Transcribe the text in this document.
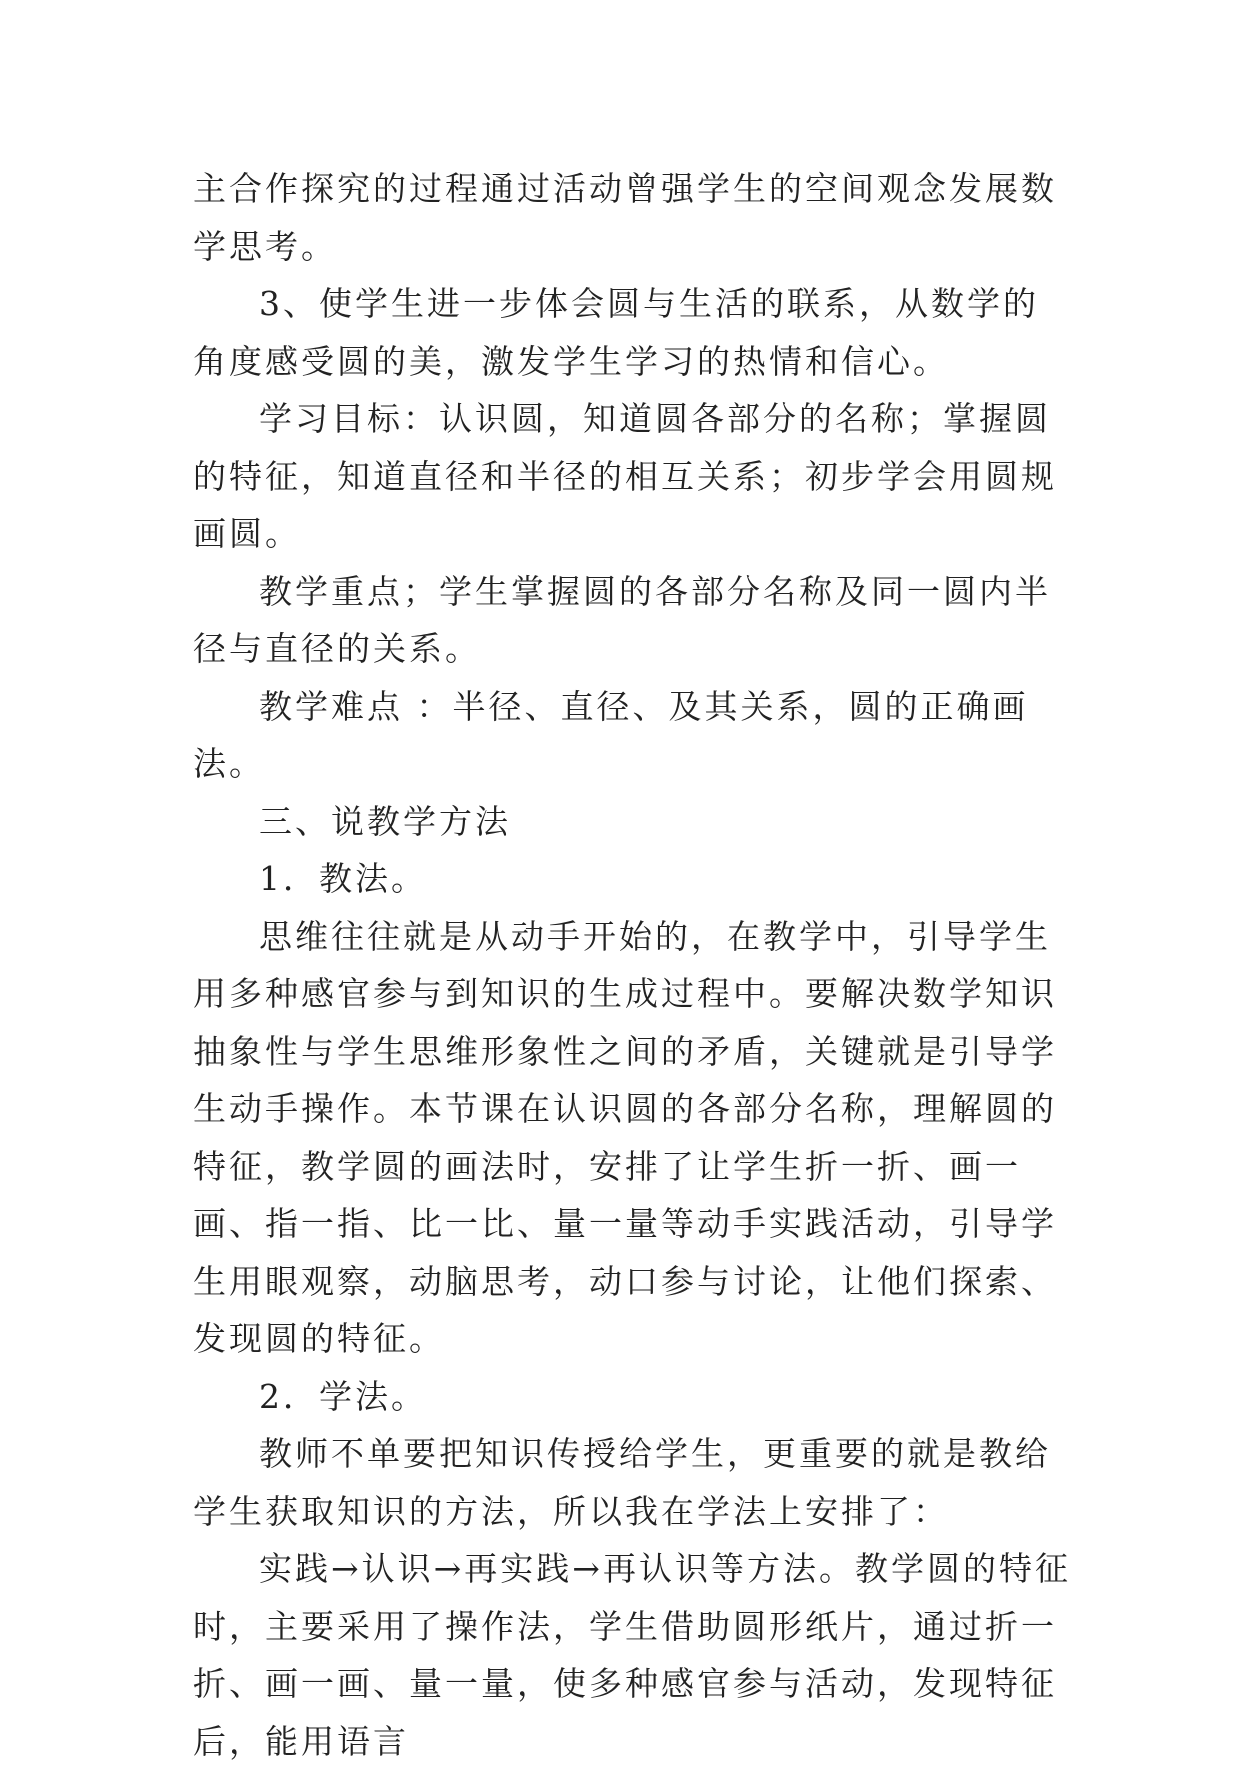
主合作探究的过程通过活动曾强学生的空间观念发展数学思考。

3、使学生进一步体会圆与生活的联系，从数学的角度感受圆的美，激发学生学习的热情和信心。

学习目标：认识圆，知道圆各部分的名称；掌握圆的特征，知道直径和半径的相互关系；初步学会用圆规画圆。

教学重点；学生掌握圆的各部分名称及同一圆内半径与直径的关系。

教学难点 ：半径、直径、及其关系，圆的正确画法。

三、说教学方法

1．教法。

思维往往就是从动手开始的，在教学中，引导学生用多种感官参与到知识的生成过程中。要解决数学知识抽象性与学生思维形象性之间的矛盾，关键就是引导学生动手操作。本节课在认识圆的各部分名称，理解圆的特征，教学圆的画法时，安排了让学生折一折、画一画、指一指、比一比、量一量等动手实践活动，引导学生用眼观察，动脑思考，动口参与讨论，让他们探索、发现圆的特征。

2．学法。

教师不单要把知识传授给学生，更重要的就是教给学生获取知识的方法，所以我在学法上安排了：

实践→认识→再实践→再认识等方法。教学圆的特征时，主要采用了操作法，学生借助圆形纸片，通过折一折、画一画、量一量，使多种感官参与活动，发现特征后，能用语言
